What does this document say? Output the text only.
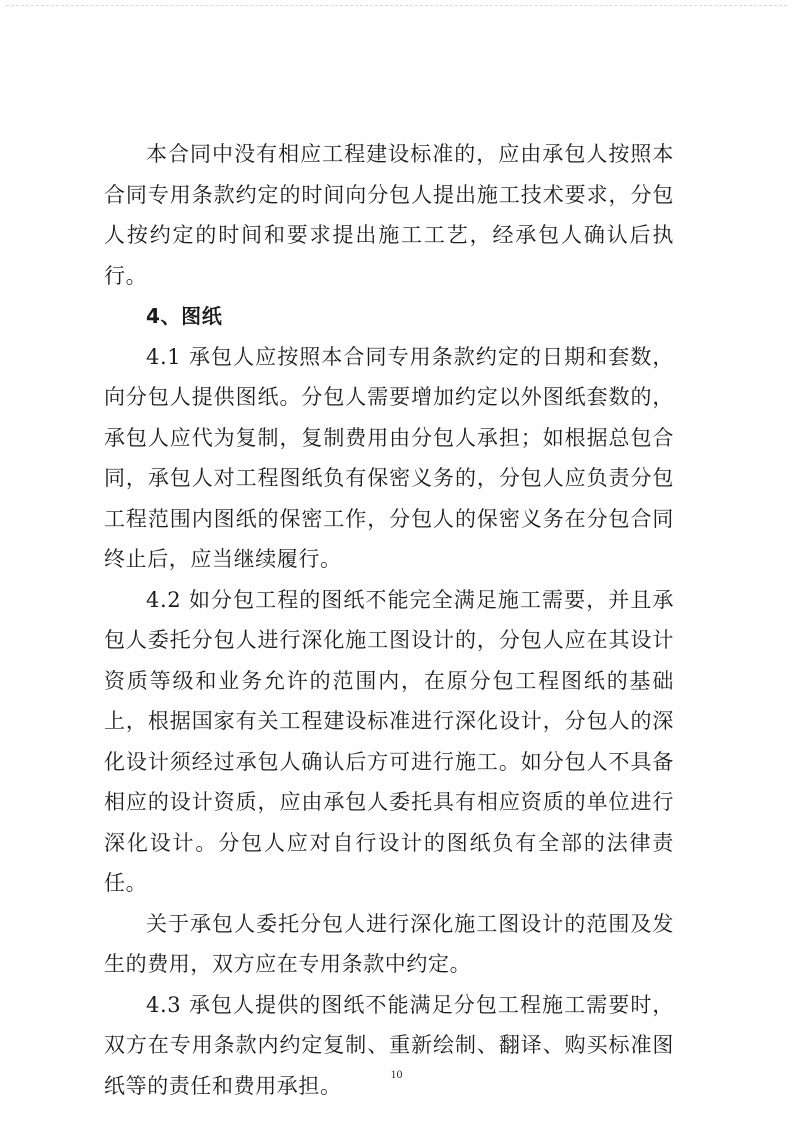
本合同中没有相应工程建设标准的，应由承包人按照本合同专用条款约定的时间向分包人提出施工技术要求，分包人按约定的时间和要求提出施工工艺，经承包人确认后执行。

4、图纸

4.1 承包人应按照本合同专用条款约定的日期和套数，向分包人提供图纸。分包人需要增加约定以外图纸套数的，承包人应代为复制，复制费用由分包人承担；如根据总包合同，承包人对工程图纸负有保密义务的，分包人应负责分包工程范围内图纸的保密工作，分包人的保密义务在分包合同终止后，应当继续履行。

4.2 如分包工程的图纸不能完全满足施工需要，并且承包人委托分包人进行深化施工图设计的，分包人应在其设计资质等级和业务允许的范围内，在原分包工程图纸的基础上，根据国家有关工程建设标准进行深化设计，分包人的深化设计须经过承包人确认后方可进行施工。如分包人不具备相应的设计资质，应由承包人委托具有相应资质的单位进行深化设计。分包人应对自行设计的图纸负有全部的法律责任。

关于承包人委托分包人进行深化施工图设计的范围及发生的费用，双方应在专用条款中约定。

4.3 承包人提供的图纸不能满足分包工程施工需要时，双方在专用条款内约定复制、重新绘制、翻译、购买标准图纸等的责任和费用承担。	10
